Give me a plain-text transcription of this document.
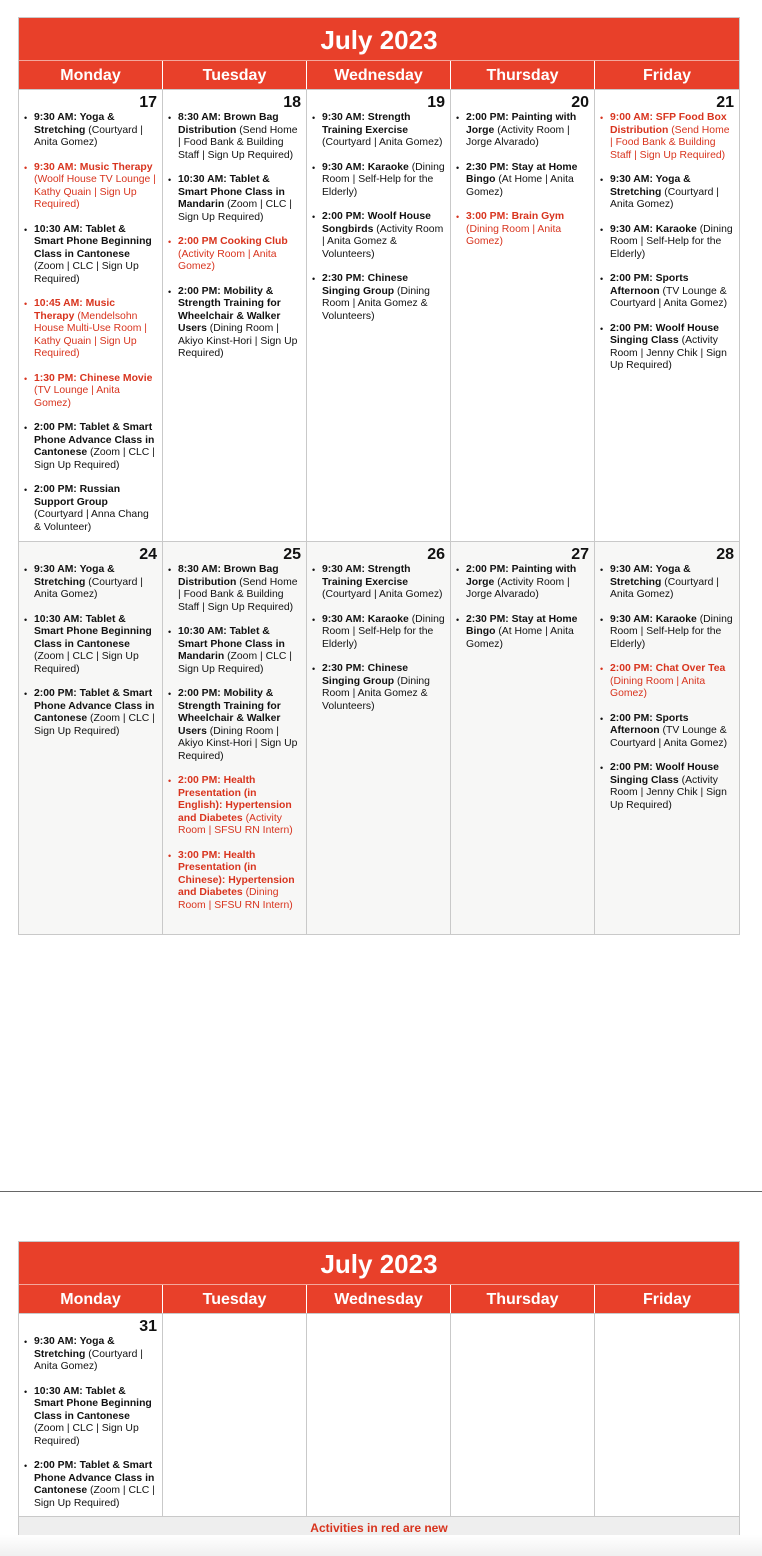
July 2023
Monday	Tuesday	Wednesday	Thursday	Friday
17
• 9:30 AM: Yoga & Stretching (Courtyard | Anita Gomez)
• 9:30 AM: Music Therapy (Woolf House TV Lounge | Kathy Quain | Sign Up Required)
• 10:30 AM: Tablet & Smart Phone Beginning Class in Cantonese (Zoom | CLC | Sign Up Required)
• 10:45 AM: Music Therapy (Mendelsohn House Multi-Use Room | Kathy Quain | Sign Up Required)
• 1:30 PM: Chinese Movie (TV Lounge | Anita Gomez)
• 2:00 PM: Tablet & Smart Phone Advance Class in Cantonese (Zoom | CLC | Sign Up Required)
• 2:00 PM: Russian Support Group (Courtyard | Anna Chang & Volunteer)
18
• 8:30 AM: Brown Bag Distribution (Send Home | Food Bank & Building Staff | Sign Up Required)
• 10:30 AM: Tablet & Smart Phone Class in Mandarin (Zoom | CLC | Sign Up Required)
• 2:00 PM Cooking Club (Activity Room | Anita Gomez)
• 2:00 PM: Mobility & Strength Training for Wheelchair & Walker Users (Dining Room | Akiyo Kinst-Hori | Sign Up Required)
19
• 9:30 AM: Strength Training Exercise (Courtyard | Anita Gomez)
• 9:30 AM: Karaoke (Dining Room | Self-Help for the Elderly)
• 2:00 PM: Woolf House Songbirds (Activity Room | Anita Gomez & Volunteers)
• 2:30 PM: Chinese Singing Group (Dining Room | Anita Gomez & Volunteers)
20
• 2:00 PM: Painting with Jorge (Activity Room | Jorge Alvarado)
• 2:30 PM: Stay at Home Bingo (At Home | Anita Gomez)
• 3:00 PM: Brain Gym (Dining Room | Anita Gomez)
21
• 9:00 AM: SFP Food Box Distribution (Send Home | Food Bank & Building Staff | Sign Up Required)
• 9:30 AM: Yoga & Stretching (Courtyard | Anita Gomez)
• 9:30 AM: Karaoke (Dining Room | Self-Help for the Elderly)
• 2:00 PM: Sports Afternoon (TV Lounge & Courtyard | Anita Gomez)
• 2:00 PM: Woolf House Singing Class (Activity Room | Jenny Chik | Sign Up Required)
24
• 9:30 AM: Yoga & Stretching (Courtyard | Anita Gomez)
• 10:30 AM: Tablet & Smart Phone Beginning Class in Cantonese (Zoom | CLC | Sign Up Required)
• 2:00 PM: Tablet & Smart Phone Advance Class in Cantonese (Zoom | CLC | Sign Up Required)
25
• 8:30 AM: Brown Bag Distribution (Send Home | Food Bank & Building Staff | Sign Up Required)
• 10:30 AM: Tablet & Smart Phone Class in Mandarin (Zoom | CLC | Sign Up Required)
• 2:00 PM: Mobility & Strength Training for Wheelchair & Walker Users (Dining Room | Akiyo Kinst-Hori | Sign Up Required)
• 2:00 PM: Health Presentation (in English): Hypertension and Diabetes (Activity Room | SFSU RN Intern)
• 3:00 PM: Health Presentation (in Chinese): Hypertension and Diabetes (Dining Room | SFSU RN Intern)
26
• 9:30 AM: Strength Training Exercise (Courtyard | Anita Gomez)
• 9:30 AM: Karaoke (Dining Room | Self-Help for the Elderly)
• 2:30 PM: Chinese Singing Group (Dining Room | Anita Gomez & Volunteers)
27
• 2:00 PM: Painting with Jorge (Activity Room | Jorge Alvarado)
• 2:30 PM: Stay at Home Bingo (At Home | Anita Gomez)
28
• 9:30 AM: Yoga & Stretching (Courtyard | Anita Gomez)
• 9:30 AM: Karaoke (Dining Room | Self-Help for the Elderly)
• 2:00 PM: Chat Over Tea (Dining Room | Anita Gomez)
• 2:00 PM: Sports Afternoon (TV Lounge & Courtyard | Anita Gomez)
• 2:00 PM: Woolf House Singing Class (Activity Room | Jenny Chik | Sign Up Required)
July 2023
Monday	Tuesday	Wednesday	Thursday	Friday
31
• 9:30 AM: Yoga & Stretching (Courtyard | Anita Gomez)
• 10:30 AM: Tablet & Smart Phone Beginning Class in Cantonese (Zoom | CLC | Sign Up Required)
• 2:00 PM: Tablet & Smart Phone Advance Class in Cantonese (Zoom | CLC | Sign Up Required)
Activities in red are new
